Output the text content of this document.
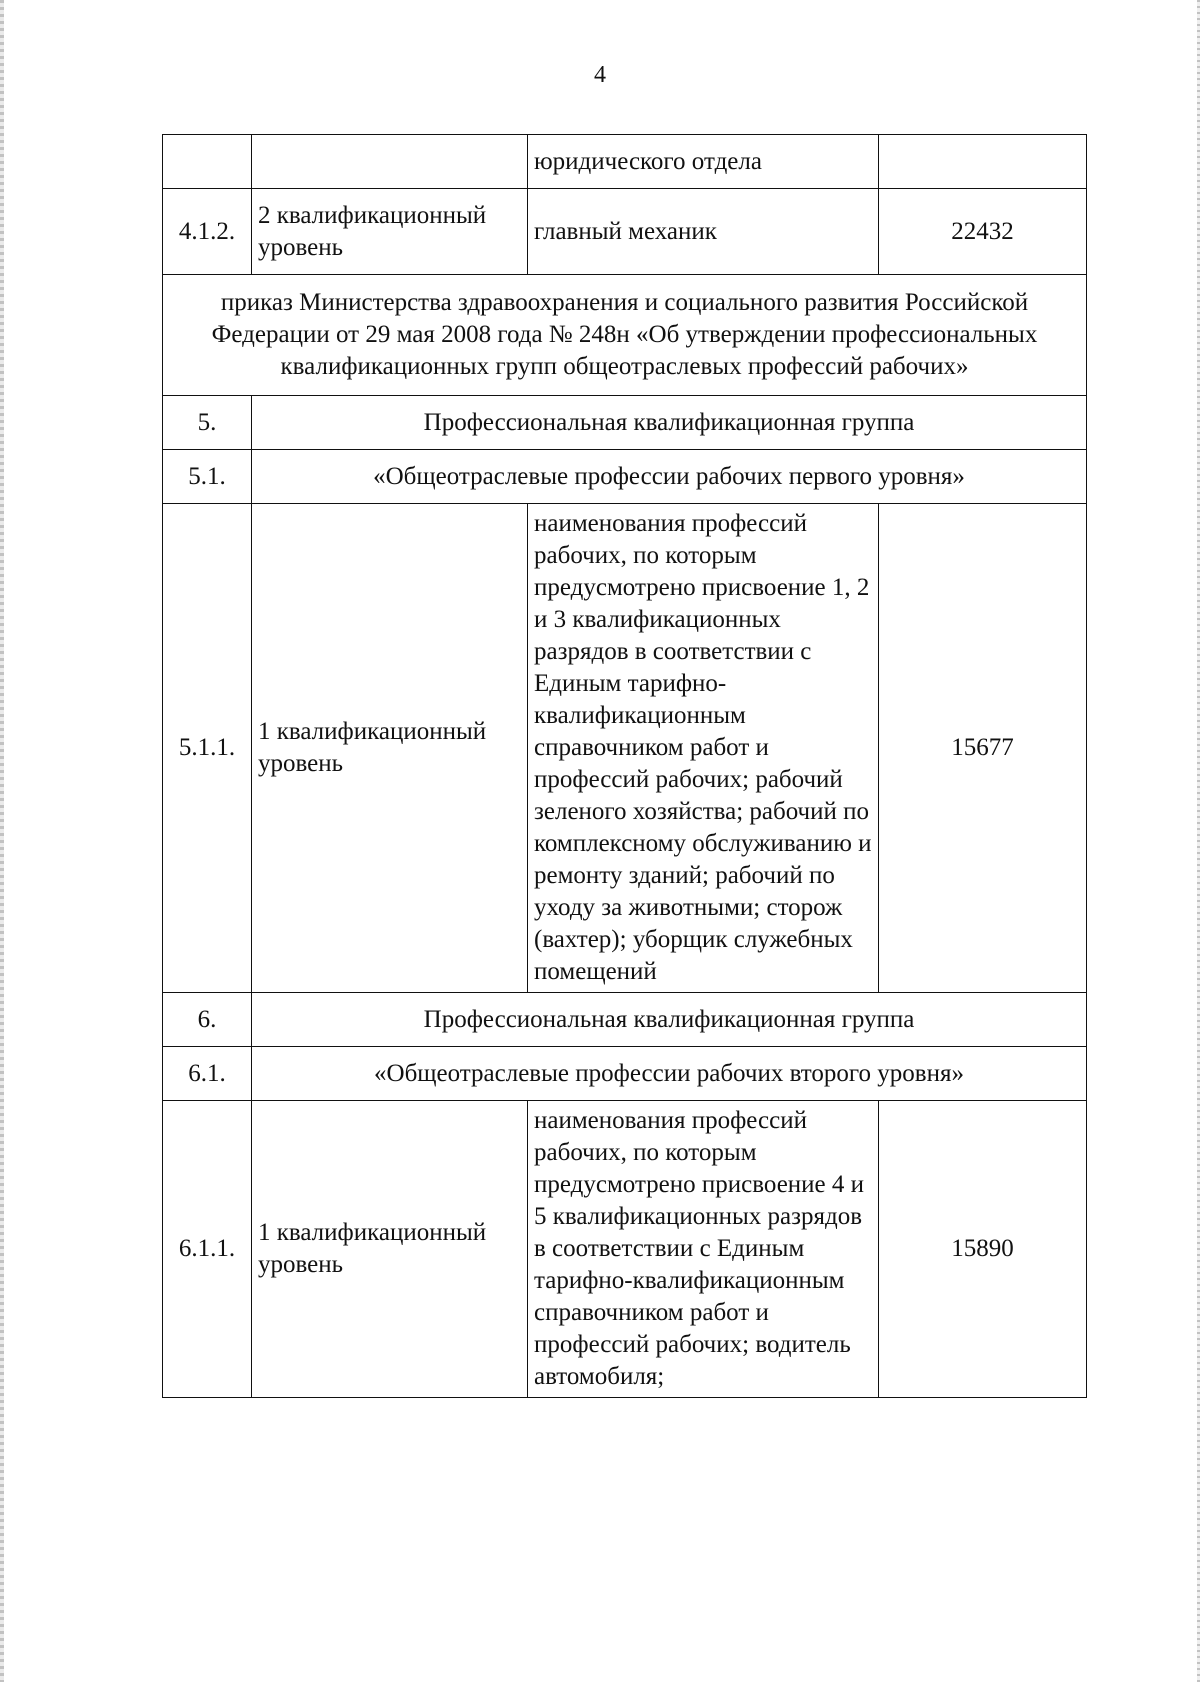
4
		юридического отдела	
4.1.2.	2 квалификационный уровень	главный механик	22432
приказ Министерства здравоохранения и социального развития Российской Федерации от 29 мая 2008 года № 248н «Об утверждении профессиональных квалификационных групп общеотраслевых профессий рабочих»			
5.	Профессиональная квалификационная группа		
5.1.	«Общеотраслевые профессии рабочих первого уровня»		
5.1.1.	1 квалификационный уровень	наименования профессий рабочих, по которым предусмотрено присвоение 1, 2 и 3 квалификационных разрядов в соответствии с Единым тарифно-квалификационным справочником работ и профессий рабочих; рабочий зеленого хозяйства; рабочий по комплексному обслуживанию и ремонту зданий; рабочий по уходу за животными; сторож (вахтер); уборщик служебных помещений	15677
6.	Профессиональная квалификационная группа		
6.1.	«Общеотраслевые профессии рабочих второго уровня»		
6.1.1.	1 квалификационный уровень	наименования профессий рабочих, по которым предусмотрено присвоение 4 и 5 квалификационных разрядов в соответствии с Единым тарифно-квалификационным справочником работ и профессий рабочих; водитель автомобиля;	15890
